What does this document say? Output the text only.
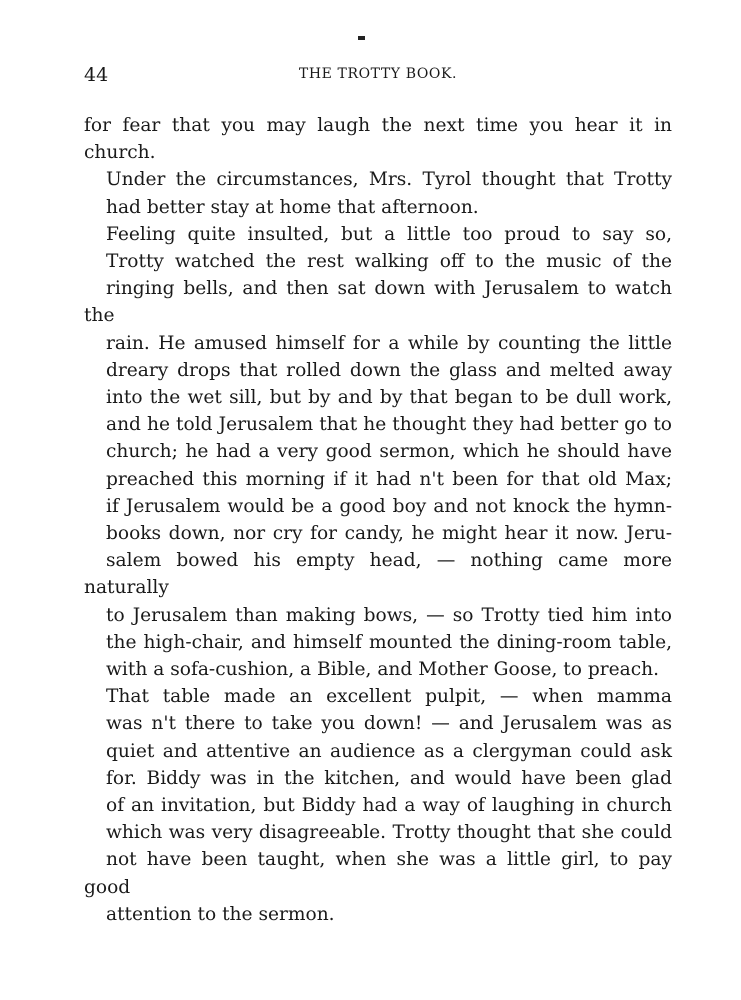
44	THE TROTTY BOOK.

for fear that you may laugh the next time you hear it in
church.

Under the circumstances, Mrs. Tyrol thought that Trotty
had better stay at home that afternoon.

Feeling quite insulted, but a little too proud to say so,
Trotty watched the rest walking off to the music of the
ringing bells, and then sat down with Jerusalem to watch the
rain. He amused himself for a while by counting the little
dreary drops that rolled down the glass and melted away
into the wet sill, but by and by that began to be dull work,
and he told Jerusalem that he thought they had better go to
church; he had a very good sermon, which he should have
preached this morning if it had n't been for that old Max;
if Jerusalem would be a good boy and not knock the hymn-
books down, nor cry for candy, he might hear it now. Jeru-
salem bowed his empty head, — nothing came more naturally
to Jerusalem than making bows, — so Trotty tied him into
the high-chair, and himself mounted the dining-room table,
with a sofa-cushion, a Bible, and Mother Goose, to preach.

That table made an excellent pulpit, — when mamma
was n't there to take you down! — and Jerusalem was as
quiet and attentive an audience as a clergyman could ask
for. Biddy was in the kitchen, and would have been glad
of an invitation, but Biddy had a way of laughing in church
which was very disagreeable. Trotty thought that she could
not have been taught, when she was a little girl, to pay good
attention to the sermon.
